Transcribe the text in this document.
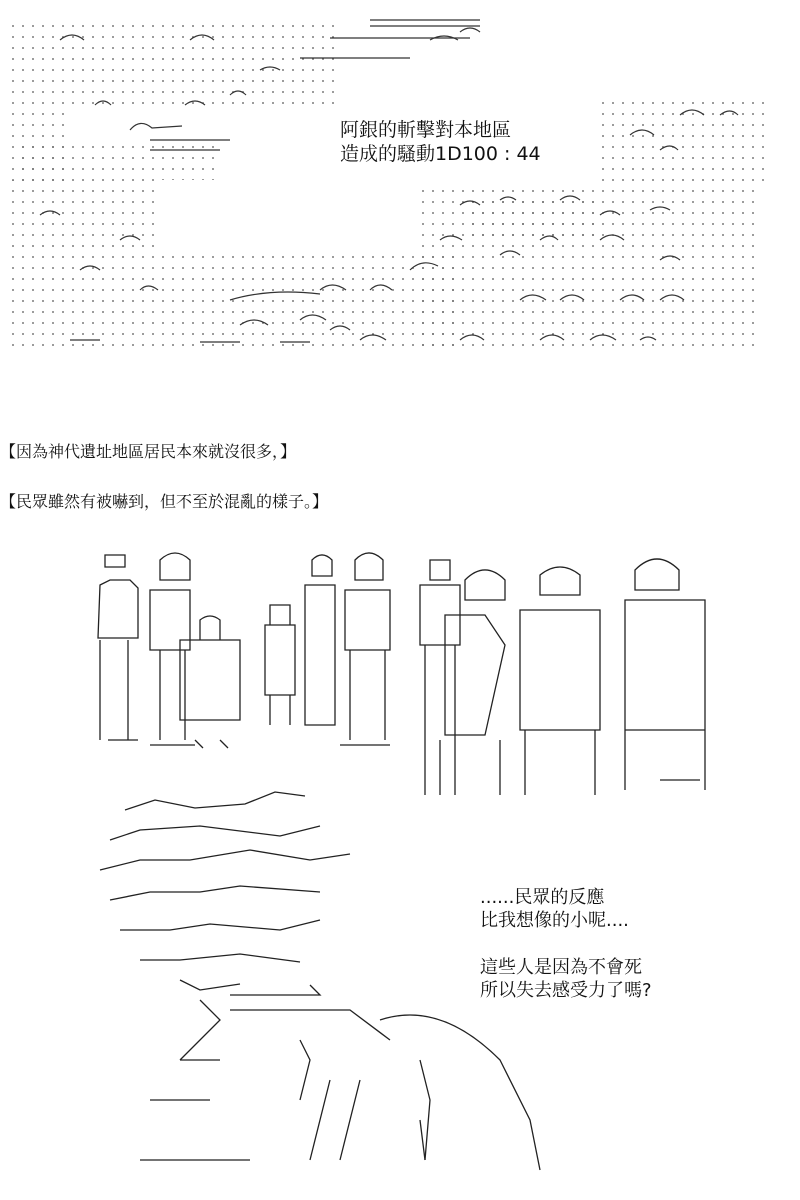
阿銀的斬擊對本地區
造成的騷動1D100 : 44
【因為神代遺址地區居民本來就沒很多，】
【民眾雖然有被嚇到，但不至於混亂的樣子。】
......民眾的反應
比我想像的小呢....
這些人是因為不會死
所以失去感受力了嗎?
